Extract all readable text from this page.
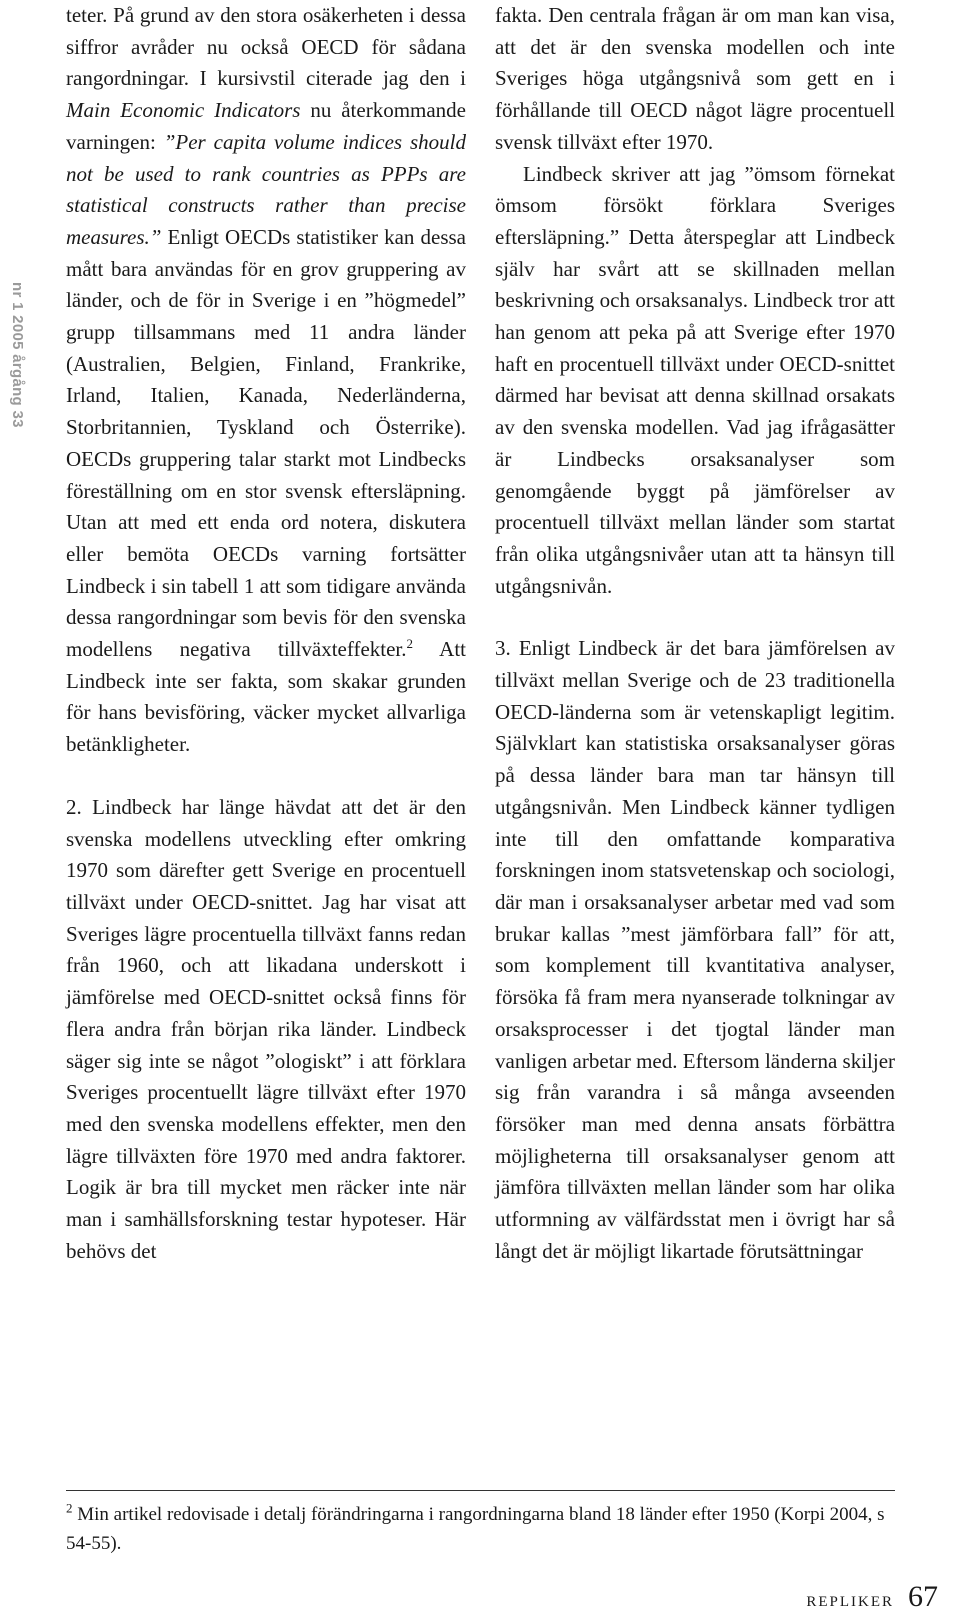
nr 1 2005 årgång 33

teter. På grund av den stora osäkerheten i dessa siffror avråder nu också OECD för sådana rangordningar. I kursivstil citerade jag den i Main Economic Indicators nu återkommande varningen: ”Per capita volume indices should not be used to rank countries as PPPs are statistical constructs rather than precise measures.” Enligt OECDs statistiker kan dessa mått bara användas för en grov gruppering av länder, och de för in Sverige i en ”högmedel” grupp tillsammans med 11 andra länder (Australien, Belgien, Finland, Frankrike, Irland, Italien, Kanada, Nederländerna, Storbritannien, Tyskland och Österrike). OECDs gruppering talar starkt mot Lindbecks föreställning om en stor svensk eftersläpning. Utan att med ett enda ord notera, diskutera eller bemöta OECDs varning fortsätter Lindbeck i sin tabell 1 att som tidigare använda dessa rangordningar som bevis för den svenska modellens negativa tillväxteffekter.$^2$ Att Lindbeck inte ser fakta, som skakar grunden för hans bevisföring, väcker mycket allvarliga betänkligheter.

2. Lindbeck har länge hävdat att det är den svenska modellens utveckling efter omkring 1970 som därefter gett Sverige en procentuell tillväxt under OECD-snittet. Jag har visat att Sveriges lägre procentuella tillväxt fanns redan från 1960, och att likadana underskott i jämförelse med OECD-snittet också finns för flera andra från början rika länder. Lindbeck säger sig inte se något ”ologiskt” i att förklara Sveriges procentuellt lägre tillväxt efter 1970 med den svenska modellens effekter, men den lägre tillväxten före 1970 med andra faktorer. Logik är bra till mycket men räcker inte när man i samhällsforskning testar hypoteser. Här behövs det

fakta. Den centrala frågan är om man kan visa, att det är den svenska modellen och inte Sveriges höga utgångsnivå som gett en i förhållande till OECD något lägre procentuell svensk tillväxt efter 1970.

Lindbeck skriver att jag ”ömsom förnekat ömsom försökt förklara Sveriges eftersläpning.” Detta återspeglar att Lindbeck själv har svårt att se skillnaden mellan beskrivning och orsaksanalys. Lindbeck tror att han genom att peka på att Sverige efter 1970 haft en procentuell tillväxt under OECD-snittet därmed har bevisat att denna skillnad orsakats av den svenska modellen. Vad jag ifrågasätter är Lindbecks orsaksanalyser som genomgående byggt på jämförelser av procentuell tillväxt mellan länder som startat från olika utgångsnivåer utan att ta hänsyn till utgångsnivån.

3. Enligt Lindbeck är det bara jämförelsen av tillväxt mellan Sverige och de 23 traditionella OECD-länderna som är vetenskapligt legitim. Självklart kan statistiska orsaksanalyser göras på dessa länder bara man tar hänsyn till utgångsnivån. Men Lindbeck känner tydligen inte till den omfattande komparativa forskningen inom statsvetenskap och sociologi, där man i orsaksanalyser arbetar med vad som brukar kallas ”mest jämförbara fall” för att, som komplement till kvantitativa analyser, försöka få fram mera nyanserade tolkningar av orsaksprocesser i det tjogtal länder man vanligen arbetar med. Eftersom länderna skiljer sig från varandra i så många avseenden försöker man med denna ansats förbättra möjligheterna till orsaksanalyser genom att jämföra tillväxten mellan länder som har olika utformning av välfärdsstat men i övrigt har så långt det är möjligt likartade förutsättningar

$^2$ Min artikel redovisade i detalj förändringarna i rangordningarna bland 18 länder efter 1950 (Korpi 2004, s 54-55).

REPLIKER 67
